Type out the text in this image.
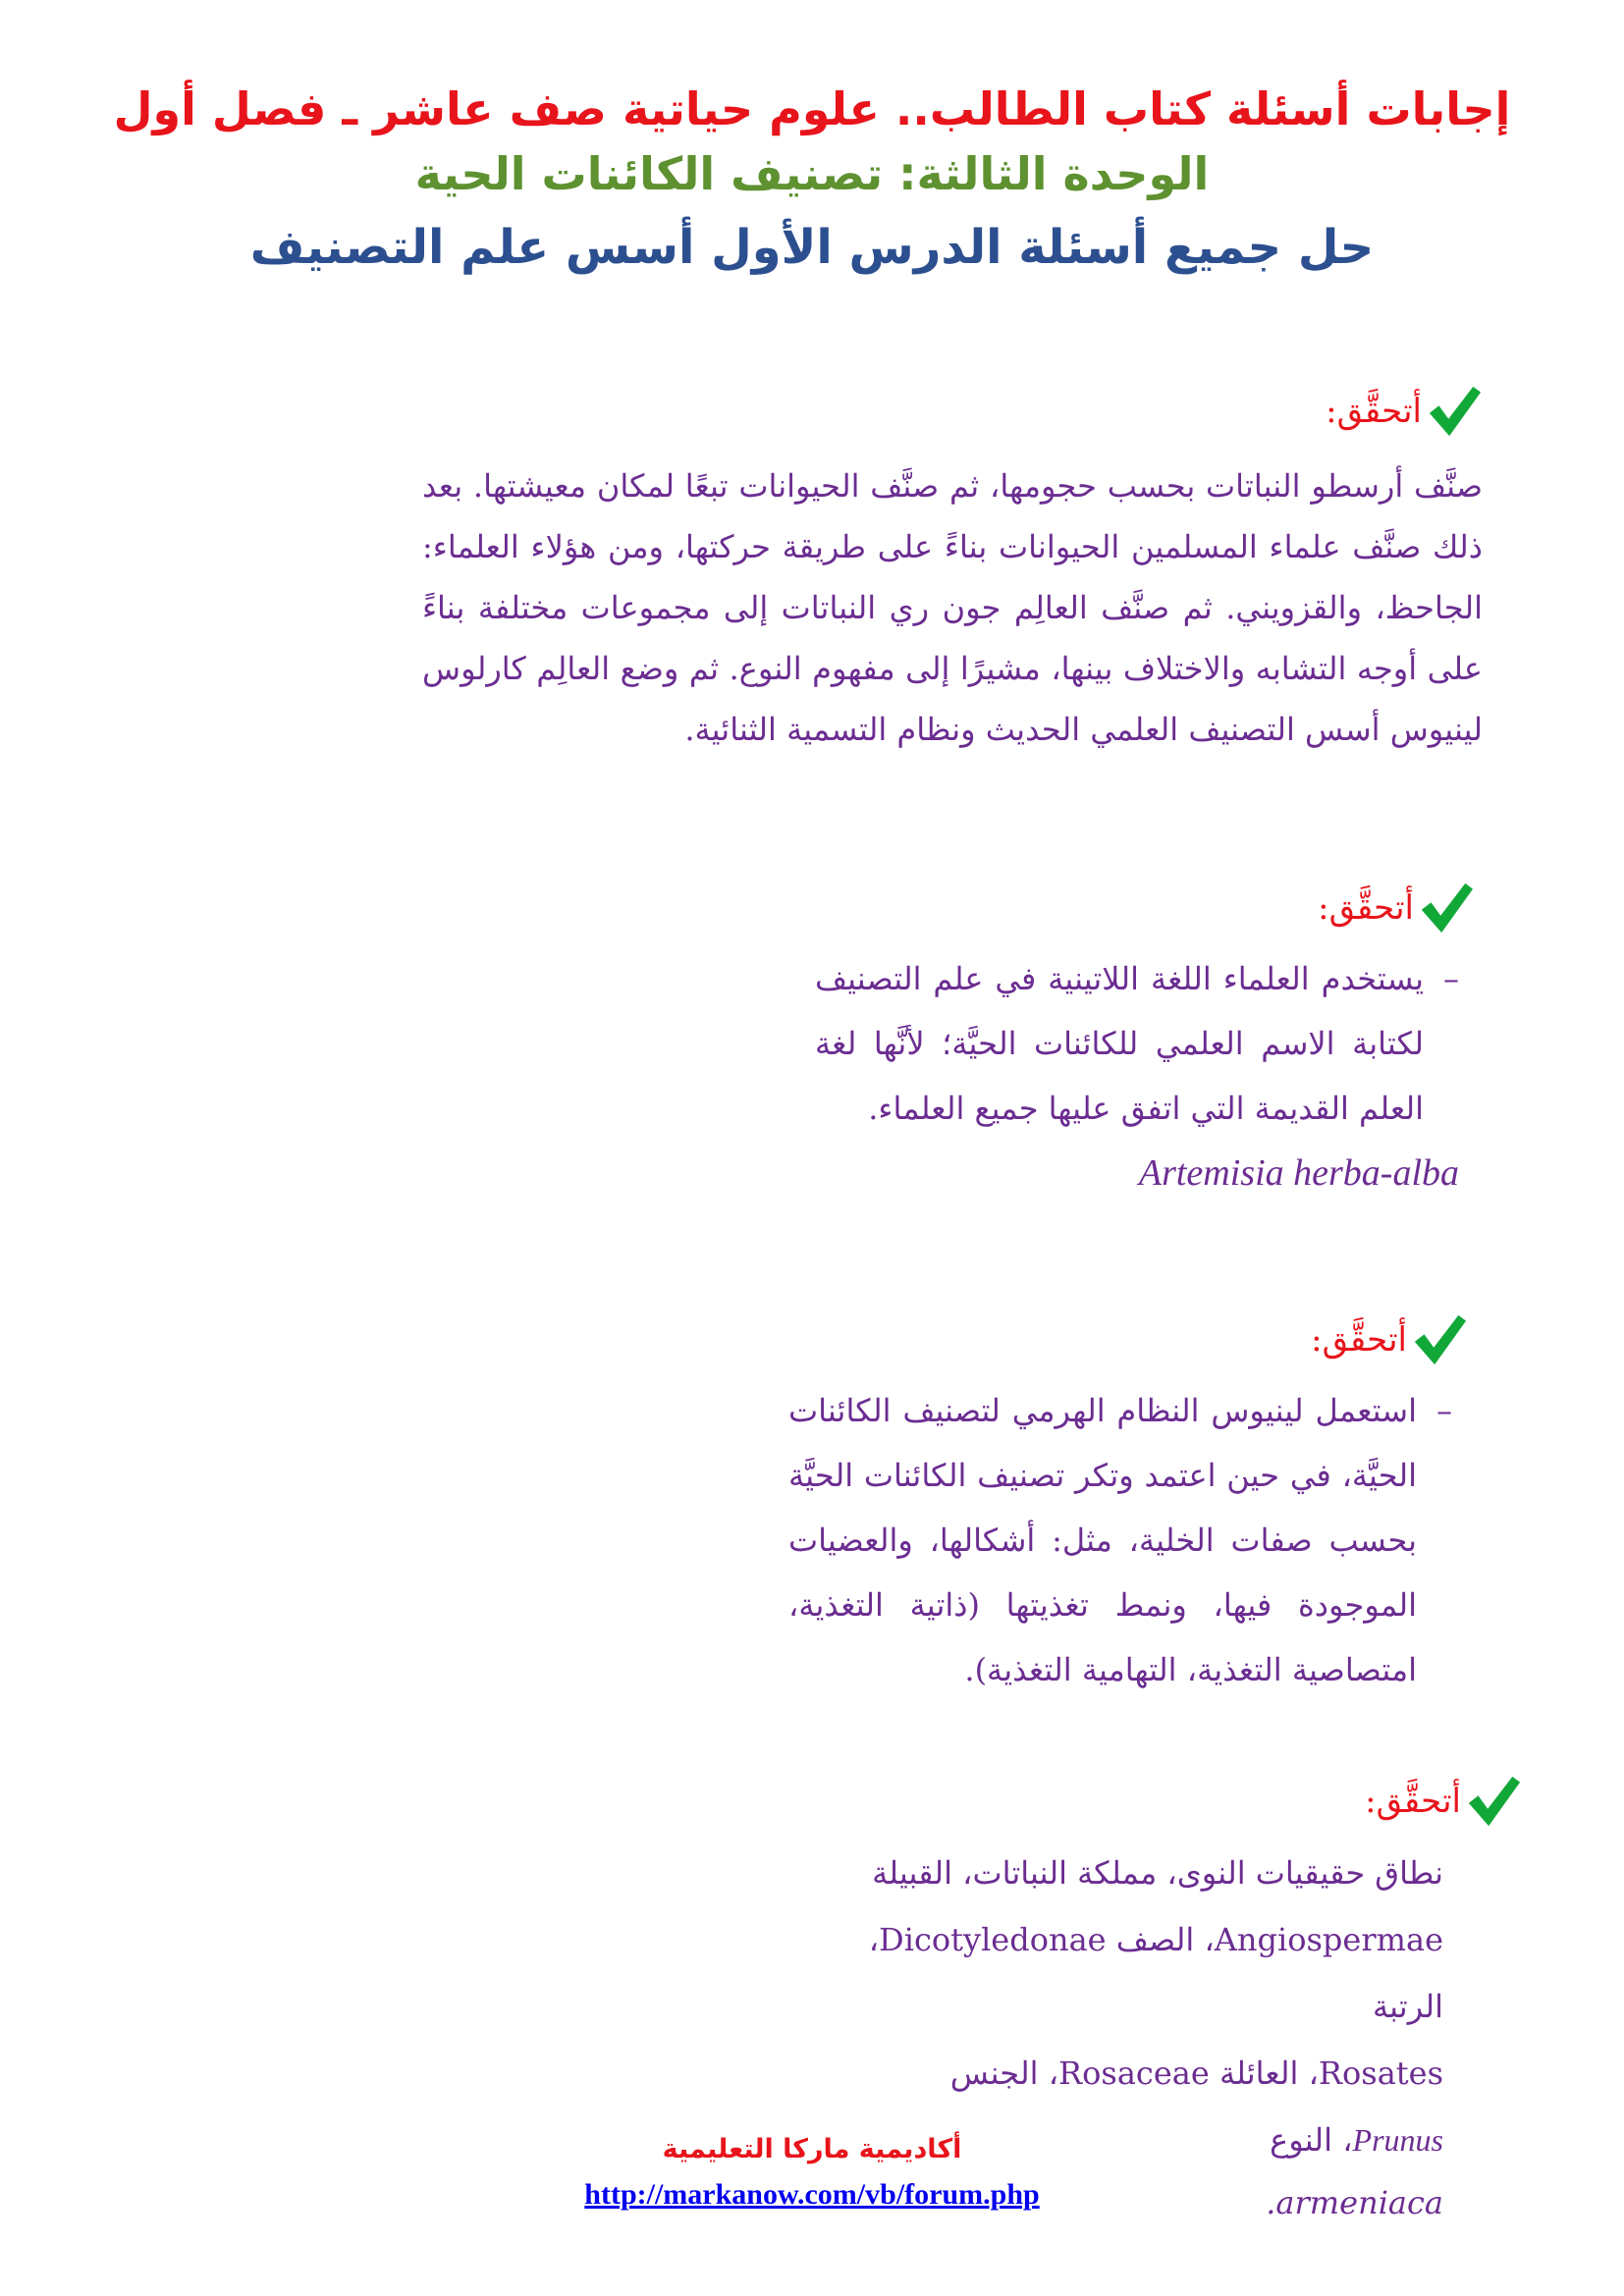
إجابات أسئلة كتاب الطالب.. علوم حياتية صف عاشر ـ فصل أول
الوحدة الثالثة: تصنيف الكائنات الحية
حل جميع أسئلة الدرس الأول أسس علم التصنيف
أتحقَّق:

صنَّف أرسطو النباتات بحسب حجومها، ثم صنَّف الحيوانات تبعًا لمكان معيشتها. بعد ذلك صنَّف علماء المسلمين الحيوانات بناءً على طريقة حركتها، ومن هؤلاء العلماء: الجاحظ، والقزويني. ثم صنَّف العالِم جون ري النباتات إلى مجموعات مختلفة بناءً على أوجه التشابه والاختلاف بينها، مشيرًا إلى مفهوم النوع. ثم وضع العالِم كارلوس لينيوس أسس التصنيف العلمي الحديث ونظام التسمية الثنائية.

أتحقَّق:
–

يستخدم العلماء اللغة اللاتينية في علم التصنيف لكتابة الاسم العلمي للكائنات الحيَّة؛ لأنَّها لغة العلم القديمة التي اتفق عليها جميع العلماء.

Artemisia herba-alba
أتحقَّق:
–

استعمل لينيوس النظام الهرمي لتصنيف الكائنات الحيَّة، في حين اعتمد وتكر تصنيف الكائنات الحيَّة بحسب صفات الخلية، مثل: أشكالها، والعضيات الموجودة فيها، ونمط تغذيتها (ذاتية التغذية، امتصاصية التغذية، التهامية التغذية).

أتحقَّق:
نطاق حقيقيات النوى، مملكة النباتات، القبيلة
Angiospermae، الصف Dicotyledonae، الرتبة
Rosates، العائلة Rosaceae، الجنس Prunus، النوع
.armeniaca
أكاديمية ماركا التعليمية
http://markanow.com/vb/forum.php
